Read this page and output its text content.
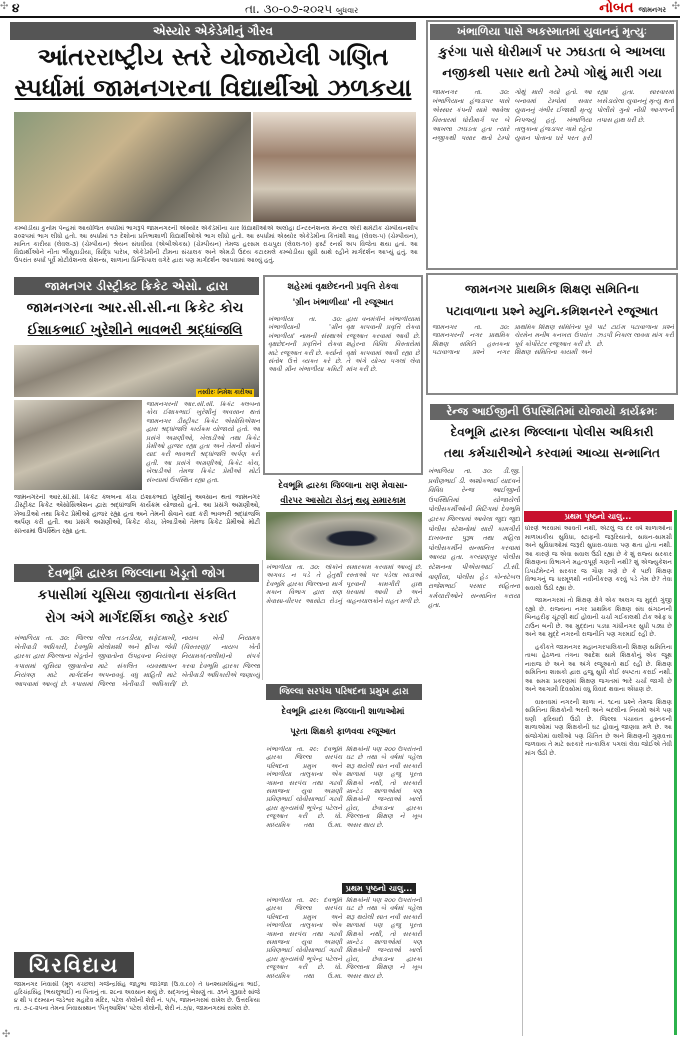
✣	✣
૪	તા. ૩૦-૦૭-૨૦૨૫ બુધવાર	નોબત જામનગર
એસ્યોર એકેડેમીનું ગૌરવ
આંતરરાષ્ટ્રીય સ્તરે યોજાયેલી ગણિત
સ્પર્ધામાં જામનગરના વિદ્યાર્થીઓ ઝળકયા
કમ્બોડીયા કુનોમ પેન્હમાં આયોજિત સ્પર્ધામાં ભાગરૂપે જામનગરની એસ્યોર એકેડેમીના ચાર વિદ્યાર્થીઓએ અલોહા ઈન્ટરનેશનલ મેન્ટલ એરી થમેટીક ચેમ્પીયનશીપ ૨૦૨૫માં ભાગ લીધો હતો. આ સ્પર્ધામાં ૧૭ દેશોના પ્રતિભાશાળી વિદ્યાર્થીઓએ ભાગ લીધો હતો. આ સ્પર્ધામાં એસ્યોર એકેડેમીના કિંતાંશી શાહ (લેવલ-૫) (ચેમ્પીયન), માનિત કારીયા (લેવલ-૩) (ચેમ્પીયન) શ્રેયન સંઘવીયા (એબીએકસ) (ચેમ્પીયન) તેમજ હરસમ રાચપુરા (લેવલ-૧૦) ફર્સ્ટ રનર્સ અપ વિજેતા થયા હતાં. આ વિદ્યાર્થીઓને નીતા ભીંસુવાડીયા, સિદ્ધિ પારેખ, એકેડેમીની ટીમના સંચાલક અને એમડી ઉદય કટારમલે કમ્બોડીયા સુધી સાથે રહીને માર્ગદર્શન આપ્યું હતું. આ ઉપરાંત સ્પર્ધા પૂર્વે મોટીવેશનલ સેશન્સ, શાળાના પ્રિન્સિપાલ વગેરે દ્વારા પણ માર્ગદર્શન આપવામાં આવ્યું હતું.
ખંભાળિયા પાસે અકસ્માતમાં યુવાનનું મૃત્યુઃ
કુરંગા પાસે ધોરીમાર્ગ પર ઝઘડતા બે આખલા
નજીકથી પસાર થતો ટેમ્પો ગોથું મારી ગયા
જામનગર તા. ૩૦: ખંભાળિયાના હંજડાપર પાસે એસ્સાર કંપની સામે આવેલા વિસ્તારમાં ધોરીમાર્ગ પર બે આખલા ઝઘડતા હતા ત્યારે નજીકથી પસાર થતો ટેમ્પો ગોથું મારી ગયો હતો. આ બનાવમાં ટેમ્પોમાં સવાર યુવાનનું ગંભીર ઈજાથી મૃત્યુ નિપજ્યું હતું. ખંભાળિયા તાલુકાના હંજડાપર ગામે રહેતા યુવાન પોતાના ઘરે પરત ફરી રહ્યા હતા. સારવારમાં ખસેડાયેલા યુવાનનું મૃત્યુ થતાં પોલીસે ગુનો નોંધી આગળની તપાસ હાથ ધરી છે.
જામનગર ડીસ્ટ્રીક્ટ ક્રિકેટ એસો. દ્વારા
જામનગરના આર.સી.સી.ના ક્રિકેટ કોચ
ઈશાકભાઈ ખુરેશીને ભાવભરી શ્રદ્ધાંજલિ
તસ્વીરઃ નિમેશ કારીઆ
જામનગરની આર.સી.સી. ક્રિકેટ ક્લબના કોચ ઈશાકભાઈ ખુરેશીનું અવસાન થતાં જામનગર ડીસ્ટ્રીક્ટ ક્રિકેટ એસોસિએશન દ્વારા શ્રદ્ધાંજલિ કાર્યક્રમ યોજાયો હતો. આ પ્રસંગે અગ્રણીઓ, ખેલાડીઓ તથા ક્રિકેટ પ્રેમીઓ હાજર રહ્યા હતા અને તેમની સેવાને યાદ કરી ભાવભરી શ્રદ્ધાંજલિ અર્પણ કરી હતી. આ પ્રસંગે અગ્રણીઓ, ક્રિકેટ કોચ, ખેલાડીઓ તેમજ ક્રિકેટ પ્રેમીઓ મોટી સંખ્યામાં ઉપસ્થિત રહ્યા હતા.
જામનગરની આર.સી.સી. ક્રિકેટ ક્લબના કોચ ઈશાકભાઈ ખુરેશીનું અવસાન થતાં જામનગર ડીસ્ટ્રીક્ટ ક્રિકેટ એસોસિએશન દ્વારા શ્રદ્ધાંજલિ કાર્યક્રમ યોજાયો હતો. આ પ્રસંગે અગ્રણીઓ, ખેલાડીઓ તથા ક્રિકેટ પ્રેમીઓ હાજર રહ્યા હતા અને તેમની સેવાને યાદ કરી ભાવભરી શ્રદ્ધાંજલિ અર્પણ કરી હતી. આ પ્રસંગે અગ્રણીઓ, ક્રિકેટ કોચ, ખેલાડીઓ તેમજ ક્રિકેટ પ્રેમીઓ મોટી સંખ્યામાં ઉપસ્થિત રહ્યા હતા.
શહેરમાં વૃક્ષછેદનની પ્રવૃત્તિ રોકવા
'ગ્રીન ખંભાળીયા' ની રજૂઆત
ખંભાળીયા તા. ૩૦: ખંભાળીયાની 'ગ્રીન ખંભાળીયા' નામની સંસ્થાએ વૃક્ષછેદનની પ્રવૃત્તિને રોકવા માટે રજૂઆત કરી છે. કર્યાનો સંતોષ ઉત્તે વ્યક્ત કરે છે. આવી ગ્રીન ખંભાળીયા કમિટી દ્વારા વનમંત્રીને ખંભાળીયામાં વૃક્ષ કાપવાની પ્રવૃત્તિ રોકવા રજૂઆત કરવામાં આવી છે. શહેરના વિવિધ વિસ્તારોમાં વૃક્ષો કાપવામાં આવી રહ્યા છે તે અંગે યોગ્ય પગલાં લેવા માંગ કરી છે.
દેવભૂમિ દ્વારકા જિલ્લાના રાણ મેવાસા-
વીરપર આસોટા રોડનું થયુ સમારકામ
ખંભાળીયા તા. ૩૦: લોકોને અગવડ ન પડે તે હેતુથી દેવભૂમિ દ્વારકા જિલ્લાના માર્ગ મકાન વિભાગ દ્વારા રાણ મેવાસા-વીરપર આસોટા રોડનું સમારકામ કરવામાં આવ્યું છે. રસ્તાઓ પર પડેલા ખાડાઓ પૂરવાની કામગીરી હાથ ધરવામાં આવી છે અને વાહનચાલકોને રાહત મળી છે.
જામનગર પ્રાથમિક શિક્ષણ સમિતિના
પટાવાળાના પ્રશ્ને મ્યુનિ.કમિશનરને રજૂઆત
જામનગર તા. ૩૦: જામનગરની નગર પ્રાથમિક શિક્ષણ સમિતિ હસ્તકના પટાવાળાના પ્રશ્ને નગર પ્રાથમિક શિક્ષણ સમિતિના પૂર્વ ચેરમેન મનીષ કનખરા ઉપરાંત પૂર્વ કોર્પોરેટર રજૂઆત કરી છે. શિક્ષણ સમિતિના કાયમી અને પાર્ટ ટાઈમ પટાવાળાના પ્રશ્ને ઝડપી નિકાલ લાવવા માંગ કરી છે.
રેન્જ આઈજીની ઉપસ્થિતિમાં યોજાયો કાર્યક્રમઃ
દેવભૂમિ દ્વારકા જિલ્લાના પોલીસ અધિકારી
તથા કર્મચારીઓને કરવામાં આવ્યા સન્માનિત
ખંભાળિયા તા. ૩૦: ડી.જી. પ્રવીણભાઈ ડી. અશોકભાઈ યાદવને વિવિધ રેન્જ આઈજીની ઉપસ્થિતિમાં યોજાયેલી પોલીસકર્મીઓની મિટિંગમાં દેવભૂમિ દ્વારકા જિલ્લામાં આવેલા જુદા જુદા પોલીસ સ્ટેશનોમાં સારી કામગીરી દાખવનાર પુરૂષ તથા મહિલા પોલીસકર્મીને સન્માનિત કરવામાં આવ્યા હતા. કલ્યાણપુર પોલીસ સ્ટેશનના પીએસઆઈ ટી.સી. વાણીયા, પોલીસ હેડ કોન્સ્ટેબલ રાજેશભાઈ પરમાર સહિતના કર્મચારીઓને સન્માનિત કરાયા હતા.
પ્રથમ પૃષ્ઠનો ચાલુ...

ધોરણે ભરવામાં આવતી નથી, એટલું જ દર વર્ષે શાળાઓના માળખાકીય સુવિધા, સ્ટાફની જરૂરિયાતો, સાધન-સામગ્રી અને સુવિધાઓમાં જરૂરી સુધારા-વધારા પણ થતા હોતા નથી. આ કારણે જ એવા સવાલ ઉઠી રહ્યા છે કે શું રાજ્ય સરકાર શિક્ષણના વિભાગને મહત્વપૂર્ણ ગણતી નથી? શું એજ્યુકેશન ડિપાર્ટમેન્ટને સરકાર જ ગૌણ ગણે છે કે પછી શિક્ષણ વિભાગનું જ ધરમૂળથી નવીનીકરણ કરવું પડે તેમ છે? તેવા સવાલો ઉઠી રહ્યા છે.

જામનગરમાં તો શિક્ષણ ક્ષેત્રે એક અલગ જ મુદ્દો ગુંજી રહ્યો છે. રાજ્યના નગર પ્રાથમિક શિક્ષણ સંઘ સંગઠનની બિનહરીફ ચૂંટણી થઈ હોવાની ચર્ચા ગઈકાલથી ટોક ઓફ ધ ટાઉન બની છે. આ મુદ્દાના પડઘા ગાંધીનગર સુધી પડ્યા છે અને આ મુદ્દે નગરની રાજનીતિ પણ ગરમાઈ રહી છે.

હકીકતે જામનગર મહાનગરપાલિકાની શિક્ષણ સમિતિના તાબા હેઠળના તંત્રના આદેશ સામે શિક્ષકોનું એક જૂથ નારાજ છે અને આ અંગે રજૂઆતો થઈ રહી છે. શિક્ષણ સમિતિના શાસકો દ્વારા હજુ સુધી કોઈ સ્પષ્ટતા કરાઈ નથી. આ સમગ્ર પ્રકરણમાં શિક્ષણ જગતમાં ભારે ચર્ચા જાગી છે અને આગામી દિવસોમાં વધુ વિવાદ થવાના એંધાણ છે.

વાસ્તવમાં નગરની શાળા નં. ૧૮ના પ્રશ્ને તેમજ શિક્ષણ સમિતિના શિક્ષકોની ભરતી અને બદલીના નિયમો અંગે પણ ઘણી ફરિયાદો ઉઠી છે. જિલ્લા પંચાયત હસ્તકની શાળાઓમાં પણ શિક્ષકોની ઘટ હોવાનું જાણવા મળે છે. આ સંજોગોમાં વાલીઓ પણ ચિંતિત છે અને શિક્ષણની ગુણવત્તા જળવાય તે માટે સરકારે તાત્કાલિક પગલાં લેવા જોઈએ તેવી માંગ ઉઠી છે.

દેવભૂમિ દ્વારકા જિલ્લાના ખેડૂતો જોગ
કપાસીમાં ચૂસિયા જીવાતોના સંકલિત
રોગ અંગે માર્ગદર્શિકા જાહેર કરાઈ
ખંભાળિયા તા. ૩૦: જિલ્લા ખેતીવાડી અધિકારી, દેવભૂમિ દ્વારકા દ્વારા જિલ્લાના ખેડૂતોને કપાસમાં ચૂસિયા જીવાતોના નિયંત્રણ માટે માર્ગદર્શન આપવામાં આવ્યું છે. કપાસમાં લીલા તડતડીયા, સફેદમાખી, મોલોમશી અને થ્રીપ્સ જેવી જીવાતોના ઉપદ્રવના નિયંત્રણ માટે સંકલિત વ્યવસ્થાપન અપનાવવું. વધુ માહિતી માટે જિલ્લા ખેતીવાડી અધિકારી/ નાયબ ખેતી નિયામક (વિસ્તરણ)/ નાયબ ખેતી નિયામક(તાલીમ)નો સંપર્ક કરવા દેવભૂમિ દ્વારકા જિલ્લા ખેતીવાડી અધિકારીએ જણાવ્યું છે.
જિલ્લા સરપંચ પરિષદના પ્રમુખ દ્વારા
દેવભૂમિ દ્વારકા જિલ્લાની શાળાઓમાં
પૂરતા શિક્ષકો ફાળવવા રજૂઆત
ખંભાળીયા તા. ૨૯: દેવભૂમિ દ્વારકા જિલ્લા સરપંચ પરિષદના પ્રમુખ અને ખંભાળીયા તાલુકાના એક ગામના સરપંચ તથા ગઢવી સમાજના યુવા અગ્રણી પ્રવિણભાઈ ચોવીસાભાઈ ગઢવી દ્વારા મુખ્યમંત્રી ભૂપેન્દ્ર પટેલને રજૂઆત કરી છે. ધો. માધ્યમિક તથા ઉ.મા. શિક્ષકોની પણ ૨૦૦ ઉપરાંતની ઘટ છે તથા બે વર્ષમાં પહેલા શરૂ થયેલી સાત નવી સરકારી શાળામાં પણ હજુ પૂરતા શિક્ષકો નથી, તો સરકારી ગ્રાન્ટેડ શાળાઓમાં પણ શિક્ષકોની જગ્યાઓ ખાલી હોય, છેવાડાના દ્વારકા જિલ્લાના શિક્ષણ ને ખૂબ અસર થાય છે.
પ્રથમ પૃષ્ઠનો ચાલુ...
ખંભાળીયા તા. ૨૯: દેવભૂમિ દ્વારકા જિલ્લા સરપંચ પરિષદના પ્રમુખ અને ખંભાળીયા તાલુકાના એક ગામના સરપંચ તથા ગઢવી સમાજના યુવા અગ્રણી પ્રવિણભાઈ ચોવીસાભાઈ ગઢવી દ્વારા મુખ્યમંત્રી ભૂપેન્દ્ર પટેલને રજૂઆત કરી છે. ધો. માધ્યમિક તથા ઉ.મા. શિક્ષકોની પણ ૨૦૦ ઉપરાંતની ઘટ છે તથા બે વર્ષમાં પહેલા શરૂ થયેલી સાત નવી સરકારી શાળામાં પણ હજુ પૂરતા શિક્ષકો નથી, તો સરકારી ગ્રાન્ટેડ શાળાઓમાં પણ શિક્ષકોની જગ્યાઓ ખાલી હોય, છેવાડાના દ્વારકા જિલ્લાના શિક્ષણ ને ખૂબ અસર થાય છે.
ચિરવિદાય
જામનગર નિવાસી (મૂળ કચ્છલ) ગજેન્દ્રસિંહ જાડુભા જાડેજા (ઉ.વ.૮૦) તે ધનશ્યામસિંહના ભાઈ, હરિચંદ્રસિંહ (ભયલુભાઈ) ના પિતાનું તા. ૨૮ના અવસાન થયું છે. સદ્ગતનું બેસણું તા. ૩૧ને ગુરૂવારે સાંજે ૪ થી ૫ દરમ્યાન જડેશ્વર મહાદેવ મંદિર, પટેલ કોલોની શેરી નં. ૫/૫, જામનગરમાં રાખેલ છે. ઉત્તરક્રિયા તા. ૭-૮-૨૫ના તેમના નિવાસસ્થાન 'પિતૃઆશિષ' પટેલ કોલોની, શેરી નં.૭/૪, જામનગરમાં રાખેલ છે.
✣
